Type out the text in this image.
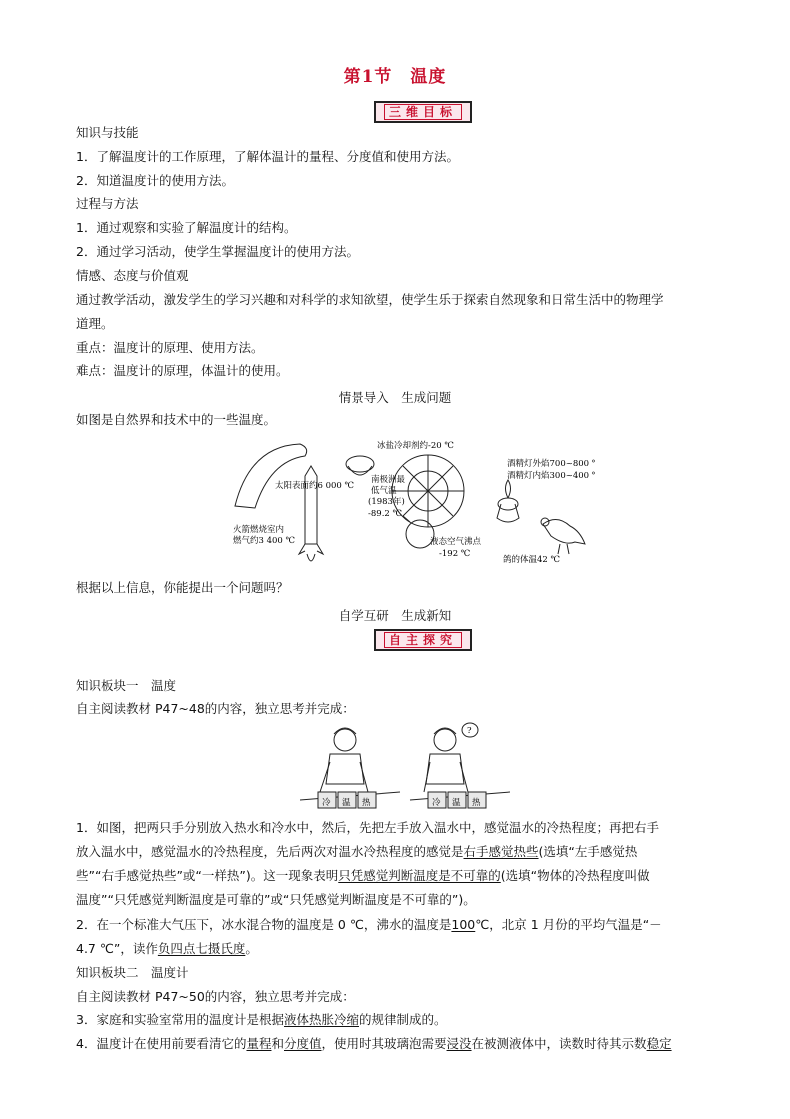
第1节　温度
三维目标
知识与技能
1．了解温度计的工作原理，了解体温计的量程、分度值和使用方法。
2．知道温度计的使用方法。
过程与方法
1．通过观察和实验了解温度计的结构。
2．通过学习活动，使学生掌握温度计的使用方法。
情感、态度与价值观
通过教学活动，激发学生的学习兴趣和对科学的求知欲望，使学生乐于探索自然现象和日常生活中的物理学
道理。
重点：温度计的原理、使用方法。
难点：温度计的原理，体温计的使用。
情景导入　生成问题
如图是自然界和技术中的一些温度。
太阳表面约6 000 ℃
火箭燃烧室内
燃气约3 400 ℃
冰盐冷却剂约-20 ℃
南极洲最
低气温
(1983年)
-89.2 ℃
酒精灯外焰700~800 ℃
酒精灯内焰300~400 ℃
液态空气沸点
-192 ℃
鸽的体温42 ℃
根据以上信息，你能提出一个问题吗？
自学互研　生成新知
自主探究
知识板块一　温度
自主阅读教材 P47~48的内容，独立思考并完成：
冷 温 热	冷 温 热
?
1．如图，把两只手分别放入热水和冷水中，然后，先把左手放入温水中，感觉温水的冷热程度；再把右手
放入温水中，感觉温水的冷热程度，先后两次对温水冷热程度的感觉是右手感觉热些(选填“左手感觉热
些”“右手感觉热些”或“一样热”)。这一现象表明只凭感觉判断温度是不可靠的(选填“物体的冷热程度叫做
温度”“只凭感觉判断温度是可靠的”或“只凭感觉判断温度是不可靠的”)。
2．在一个标准大气压下，冰水混合物的温度是 0 ℃，沸水的温度是100℃，北京 1 月份的平均气温是“－
4.7 ℃”，读作负四点七摄氏度。
知识板块二　温度计
自主阅读教材 P47~50的内容，独立思考并完成：
3．家庭和实验室常用的温度计是根据液体热胀冷缩的规律制成的。
4．温度计在使用前要看清它的量程和分度值，使用时其玻璃泡需要浸没在被测液体中，读数时待其示数稳定
